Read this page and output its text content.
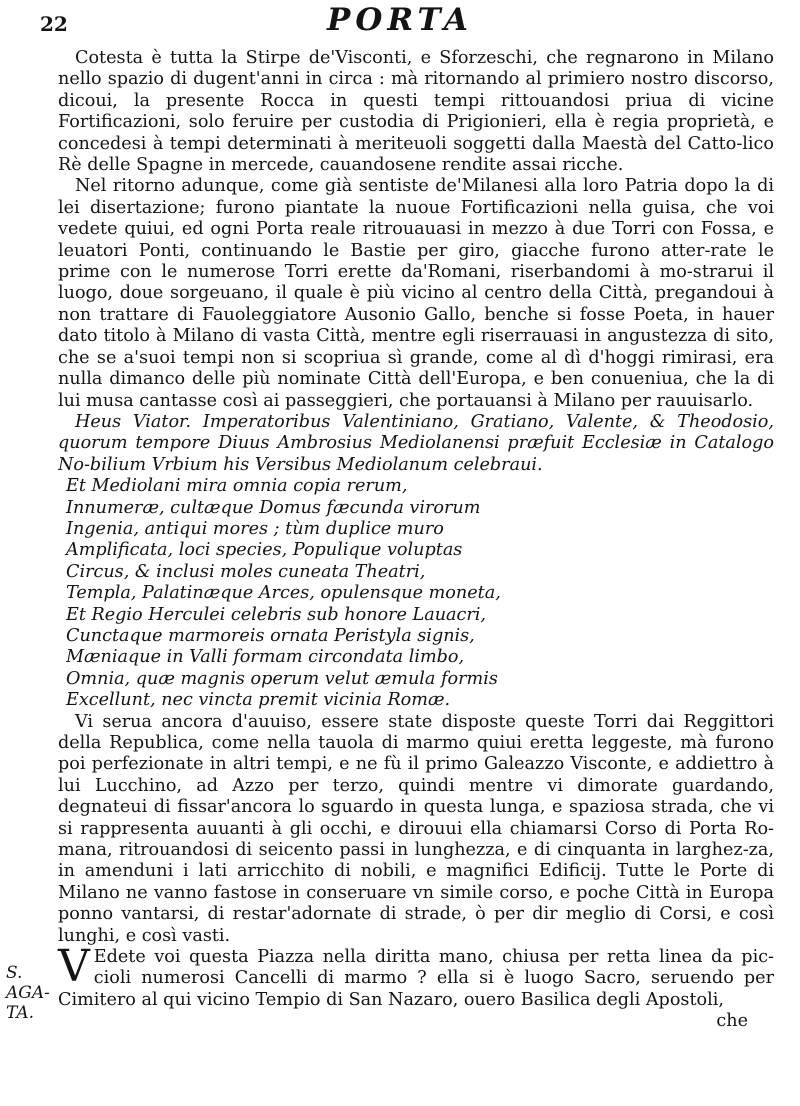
22	PORTA
S. AGA-
TA.

Cotesta è tutta la Stirpe de'Visconti, e Sforzeschi, che regnarono in Milano nello spazio di dugent'anni in circa : mà ritornando al primiero nostro discorso, dicoui, la presente Rocca in questi tempi rittouandosi priua di vicine Fortificazioni, solo feruire per custodia di Prigionieri, ella è regia proprietà, e concedesi à tempi determinati à meriteuoli soggetti dalla Maestà del Catto-lico Rè delle Spagne in mercede, cauandosene rendite assai ricche.

Nel ritorno adunque, come già sentiste de'Milanesi alla loro Patria dopo la di lei disertazione; furono piantate la nuoue Fortificazioni nella guisa, che voi vedete quiui, ed ogni Porta reale ritrouauasi in mezzo à due Torri con Fossa, e leuatori Ponti, continuando le Bastie per giro, giacche furono atter-rate le prime con le numerose Torri erette da'Romani, riserbandomi à mo-strarui il luogo, doue sorgeuano, il quale è più vicino al centro della Città, pregandoui à non trattare di Fauoleggiatore Ausonio Gallo, benche si fosse Poeta, in hauer dato titolo à Milano di vasta Città, mentre egli riserrauasi in angustezza di sito, che se a'suoi tempi non si scopriua sì grande, come al dì d'hoggi rimirasi, era nulla dimanco delle più nominate Città dell'Europa, e ben conueniua, che la di lui musa cantasse così ai passeggieri, che portauansi à Milano per rauuisarlo.

Heus Viator. Imperatoribus Valentiniano, Gratiano, Valente, & Theodosio, quorum tempore Diuus Ambrosius Mediolanensi præfuit Ecclesiæ in Catalogo No-bilium Vrbium his Versibus Mediolanum celebraui.
Et Mediolani mira omnia copia rerum,
Innumeræ, cultæque Domus fæcunda virorum
Ingenia, antiqui mores ; tùm duplice muro
Amplificata, loci species, Populique voluptas
Circus, & inclusi moles cuneata Theatri,
Templa, Palatinæque Arces, opulensque moneta,
Et Regio Herculei celebris sub honore Lauacri,
Cunctaque marmoreis ornata Peristyla signis,
Mæniaque in Valli formam circondata limbo,
Omnia, quæ magnis operum velut æmula formis
Excellunt, nec vincta premit vicinia Romæ.

Vi serua ancora d'auuiso, essere state disposte queste Torri dai Reggittori della Republica, come nella tauola di marmo quiui eretta leggeste, mà furono poi perfezionate in altri tempi, e ne fù il primo Galeazzo Visconte, e addiettro à lui Lucchino, ad Azzo per terzo, quindi mentre vi dimorate guardando, degnateui di fissar'ancora lo sguardo in questa lunga, e spaziosa strada, che vi si rappresenta auuanti à gli occhi, e dirouui ella chiamarsi Corso di Porta Ro-mana, ritrouandosi di seicento passi in lunghezza, e di cinquanta in larghez-za, in amenduni i lati arricchito di nobili, e magnifici Edificij. Tutte le Porte di Milano ne vanno fastose in conseruare vn simile corso, e poche Città in Europa ponno vantarsi, di restar'adornate di strade, ò per dir meglio di Corsi, e così lunghi, e così vasti.

V Edete voi questa Piazza nella diritta mano, chiusa per retta linea da pic-cioli numerosi Cancelli di marmo ? ella si è luogo Sacro, seruendo per Cimitero al qui vicino Tempio di San Nazaro, ouero Basilica degli Apostoli,

che
